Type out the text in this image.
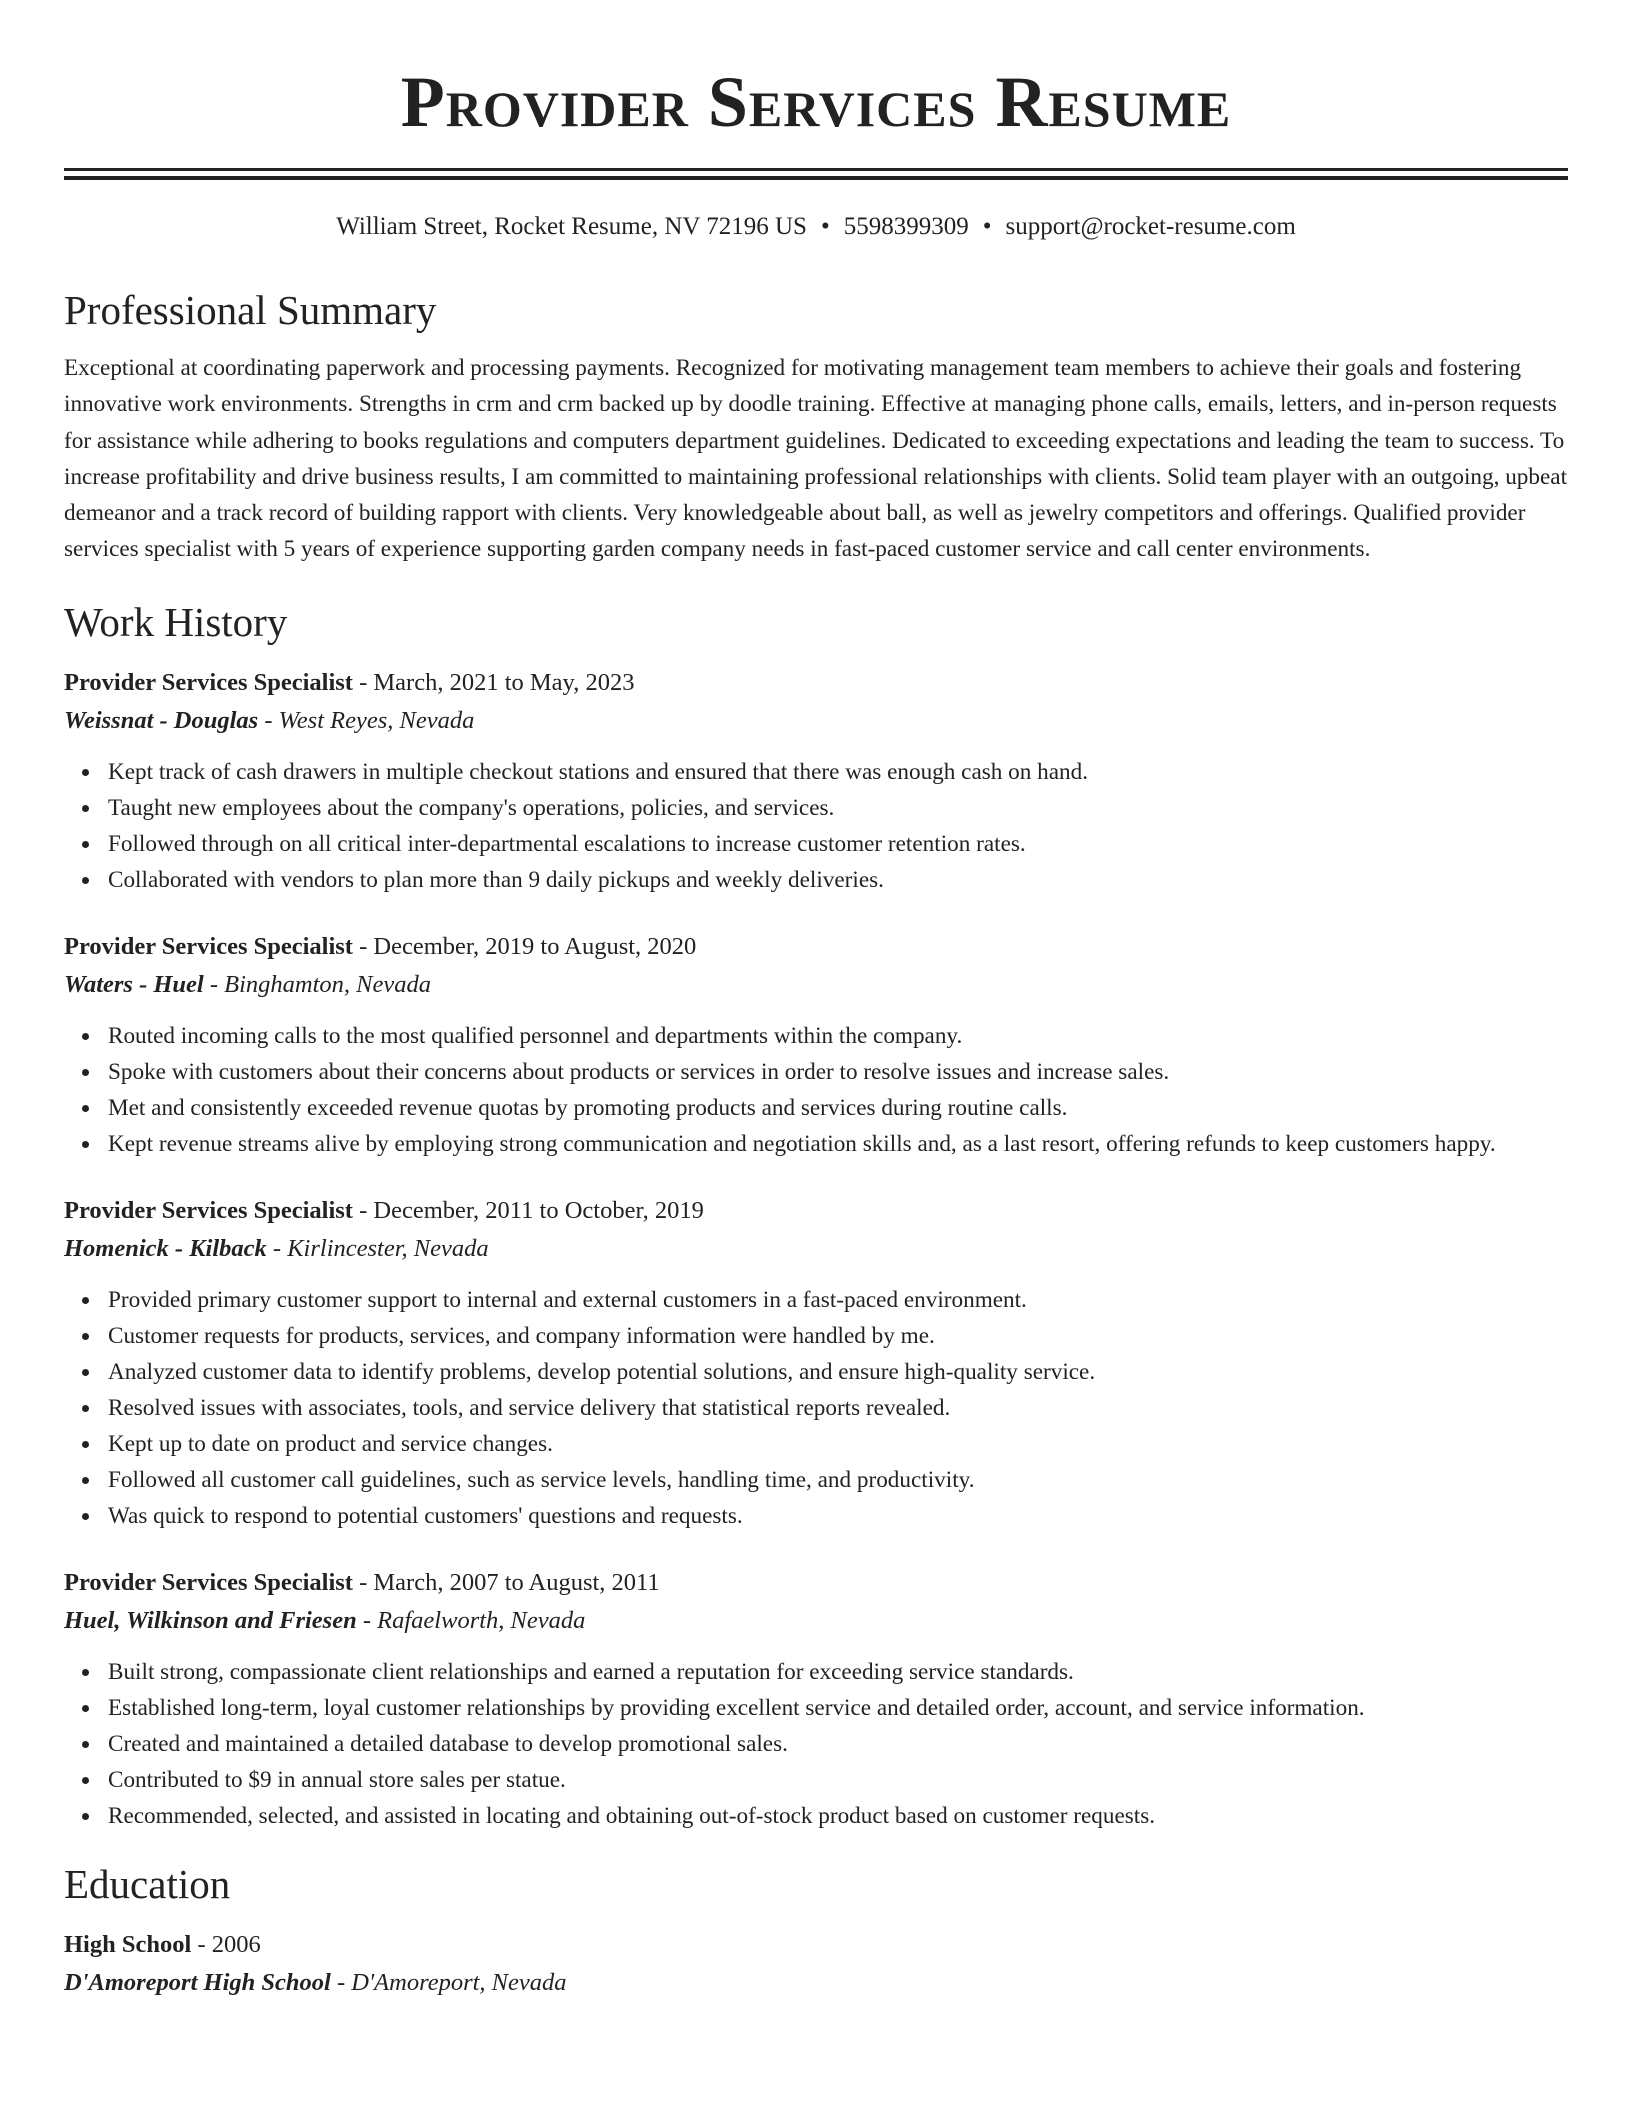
Provider Services Resume
William Street, Rocket Resume, NV 72196 US • 5598399309 • support@rocket-resume.com
Professional Summary

Exceptional at coordinating paperwork and processing payments. Recognized for motivating management team members to achieve their goals and fostering innovative work environments. Strengths in crm and crm backed up by doodle training. Effective at managing phone calls, emails, letters, and in-person requests for assistance while adhering to books regulations and computers department guidelines. Dedicated to exceeding expectations and leading the team to success. To increase profitability and drive business results, I am committed to maintaining professional relationships with clients. Solid team player with an outgoing, upbeat demeanor and a track record of building rapport with clients. Very knowledgeable about ball, as well as jewelry competitors and offerings. Qualified provider services specialist with 5 years of experience supporting garden company needs in fast-paced customer service and call center environments.

Work History
Provider Services Specialist - March, 2021 to May, 2023
Weissnat - Douglas - West Reyes, Nevada
Kept track of cash drawers in multiple checkout stations and ensured that there was enough cash on hand.
Taught new employees about the company's operations, policies, and services.
Followed through on all critical inter-departmental escalations to increase customer retention rates.
Collaborated with vendors to plan more than 9 daily pickups and weekly deliveries.
Provider Services Specialist - December, 2019 to August, 2020
Waters - Huel - Binghamton, Nevada
Routed incoming calls to the most qualified personnel and departments within the company.
Spoke with customers about their concerns about products or services in order to resolve issues and increase sales.
Met and consistently exceeded revenue quotas by promoting products and services during routine calls.
Kept revenue streams alive by employing strong communication and negotiation skills and, as a last resort, offering refunds to keep customers happy.
Provider Services Specialist - December, 2011 to October, 2019
Homenick - Kilback - Kirlincester, Nevada
Provided primary customer support to internal and external customers in a fast-paced environment.
Customer requests for products, services, and company information were handled by me.
Analyzed customer data to identify problems, develop potential solutions, and ensure high-quality service.
Resolved issues with associates, tools, and service delivery that statistical reports revealed.
Kept up to date on product and service changes.
Followed all customer call guidelines, such as service levels, handling time, and productivity.
Was quick to respond to potential customers' questions and requests.
Provider Services Specialist - March, 2007 to August, 2011
Huel, Wilkinson and Friesen - Rafaelworth, Nevada
Built strong, compassionate client relationships and earned a reputation for exceeding service standards.
Established long-term, loyal customer relationships by providing excellent service and detailed order, account, and service information.
Created and maintained a detailed database to develop promotional sales.
Contributed to $9 in annual store sales per statue.
Recommended, selected, and assisted in locating and obtaining out-of-stock product based on customer requests.
Education
High School - 2006
D'Amoreport High School - D'Amoreport, Nevada
